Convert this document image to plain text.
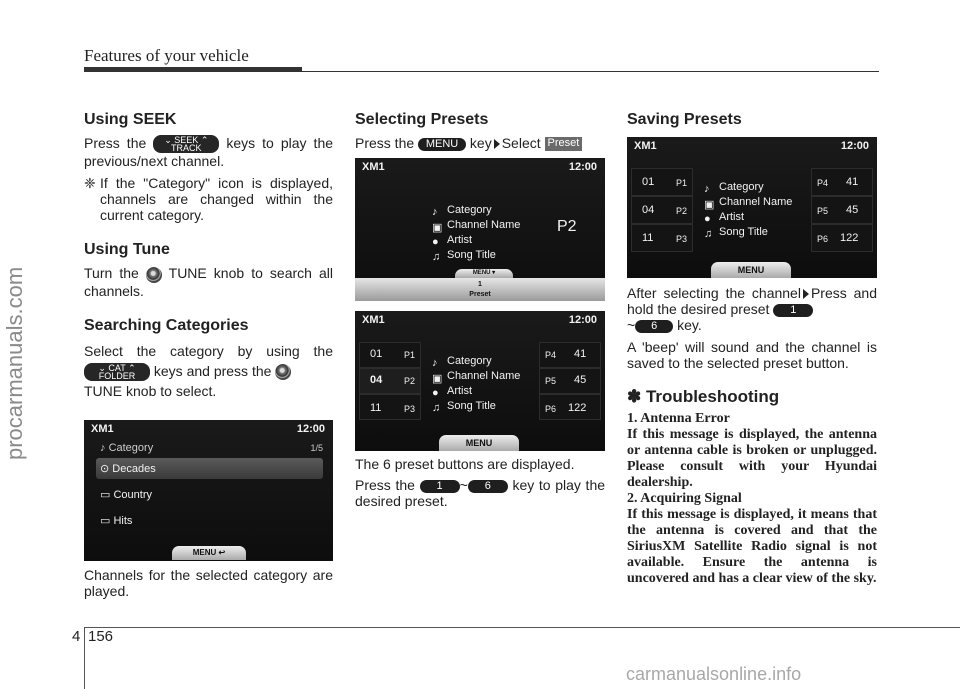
Features of your vehicle
procarmanuals.com
Using SEEK

Press the ⌄ SEEK ⌃
TRACK keys to play the previous/next channel.

❈ If the "Category" icon is displayed, channels are changed within the current category.

Using Tune

Turn the TUNE knob to search all channels.

Searching Categories

Select the category by using the ⌄ CAT ⌃
FOLDER keys and press the
TUNE knob to select.

XM1	12:00
♪ Category	1/5
⊙ Decades
▭ Country
▭ Hits
MENU ↩

Channels for the selected category are played.

Selecting Presets

Press the MENU key Select Preset

XM1	12:00
♪ Category
▣ Channel Name
● Artist
♫ Song Title
P2
MENU ▾
1
Preset
XM1	12:00
01 P1
04 P2
11	P3
P4 41
P5 45
P6 122
♪ Category
▣ Channel Name
● Artist
♫ Song Title
MENU

The 6 preset buttons are displayed.

Press the 1 ~ 6 key to play the desired preset.

Saving Presets
XM1	12:00
01 P1
04 P2
11	P3
P4 41
P5 45
P6 122
♪ Category
▣ Channel Name
● Artist
♫ Song Title
MENU

After selecting the channel Press and hold the desired preset 1
~ 6 key.

A 'beep' will sound and the channel is saved to the selected preset button.

✽ Troubleshooting

1. Antenna Error

If this message is displayed, the antenna or antenna cable is broken or unplugged. Please consult with your Hyundai dealership.

2. Acquiring Signal

If this message is displayed, it means that the antenna is covered and that the SiriusXM Satellite Radio signal is not available. Ensure the antenna is uncovered and has a clear view of the sky.

4 156
carmanualsonline.info
